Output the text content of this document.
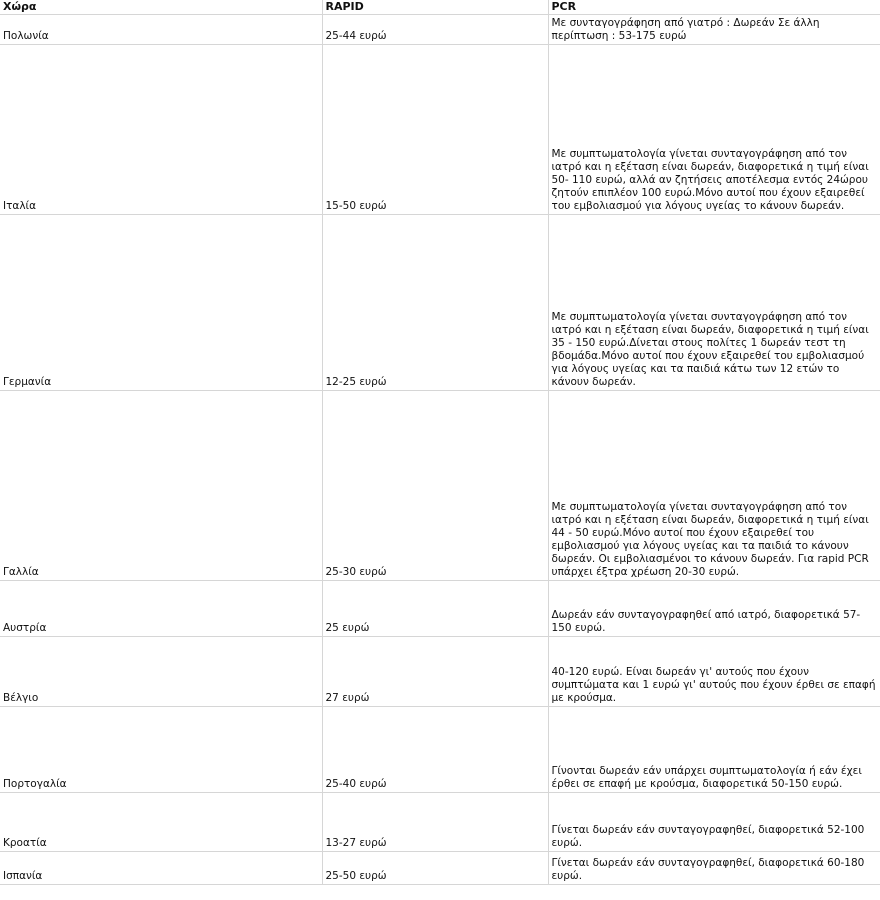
Χώρα	RAPID	PCR
Πολωνία	25-44 ευρώ	Με συνταγογράφηση από γιατρό : Δωρεάν Σε άλλη περίπτωση : 53-175 ευρώ
Ιταλία	15-50 ευρώ	Με συμπτωματολογία γίνεται συνταγογράφηση από τον ιατρό και η εξέταση είναι δωρεάν, διαφορετικά η τιμή είναι 50- 110 ευρώ, αλλά αν ζητήσεις αποτέλεσμα εντός 24ώρου ζητούν επιπλέον 100 ευρώ.Μόνο αυτοί που έχουν εξαιρεθεί του εμβολιασμού για λόγους υγείας το κάνουν δωρεάν.
Γερμανία	12-25 ευρώ	Με συμπτωματολογία γίνεται συνταγογράφηση από τον ιατρό και η εξέταση είναι δωρεάν, διαφορετικά η τιμή είναι 35 - 150 ευρώ.Δίνεται στους πολίτες 1 δωρεάν τεστ τη βδομάδα.Μόνο αυτοί που έχουν εξαιρεθεί του εμβολιασμού για λόγους υγείας και τα παιδιά κάτω των 12 ετών το κάνουν δωρεάν.
Γαλλία	25-30 ευρώ	Με συμπτωματολογία γίνεται συνταγογράφηση από τον ιατρό και η εξέταση είναι δωρεάν, διαφορετικά η τιμή είναι 44 - 50 ευρώ.Μόνο αυτοί που έχουν εξαιρεθεί του εμβολιασμού για λόγους υγείας και τα παιδιά το κάνουν δωρεάν. Οι εμβολιασμένοι το κάνουν δωρεάν. Για rapid PCR υπάρχει έξτρα χρέωση 20-30 ευρώ.
Αυστρία	25 ευρώ	Δωρεάν εάν συνταγογραφηθεί από ιατρό, διαφορετικά 57-150 ευρώ.
Βέλγιο	27 ευρώ	40-120 ευρώ. Είναι δωρεάν γι' αυτούς που έχουν συμπτώματα και 1 ευρώ γι' αυτούς που έχουν έρθει σε επαφή με κρούσμα.
Πορτογαλία	25-40 ευρώ	Γίνονται δωρεάν εάν υπάρχει συμπτωματολογία ή εάν έχει έρθει σε επαφή με κρούσμα, διαφορετικά 50-150 ευρώ.
Κροατία	13-27 ευρώ	Γίνεται δωρεάν εάν συνταγογραφηθεί, διαφορετικά 52-100 ευρώ.
Ισπανία	25-50 ευρώ	Γίνεται δωρεάν εάν συνταγογραφηθεί, διαφορετικά 60-180 ευρώ.
